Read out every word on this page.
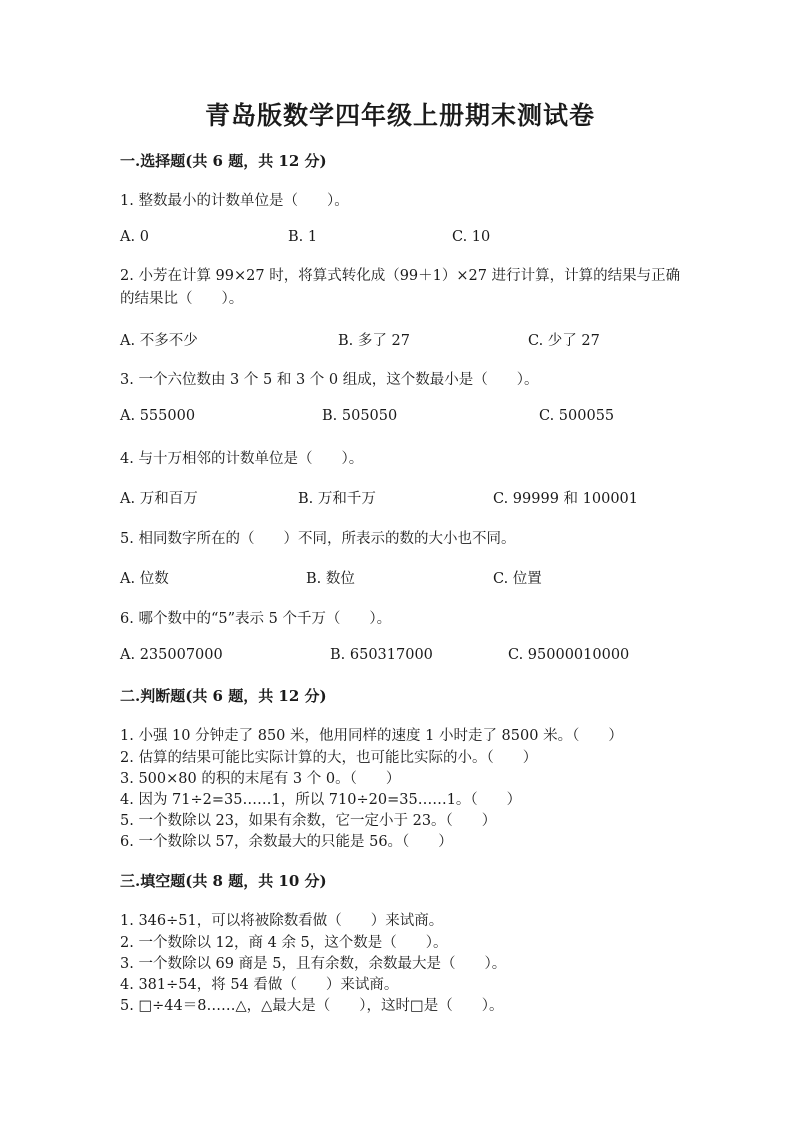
青岛版数学四年级上册期末测试卷
一.选择题(共 6 题，共 12 分)
1. 整数最小的计数单位是（　　）。
A. 0	B. 1	C. 10
2. 小芳在计算 99×27 时，将算式转化成（99＋1）×27 进行计算，计算的结果与正确的结果比（　　）。
A. 不多不少	B. 多了 27	C. 少了 27
3. 一个六位数由 3 个 5 和 3 个 0 组成，这个数最小是（　　）。
A. 555000	B. 505050	C. 500055
4. 与十万相邻的计数单位是（　　）。
A. 万和百万	B. 万和千万	C. 99999 和 100001
5. 相同数字所在的（　　）不同，所表示的数的大小也不同。
A. 位数	B. 数位	C. 位置
6. 哪个数中的“5”表示 5 个千万（　　）。
A. 235007000	B. 650317000	C. 95000010000
二.判断题(共 6 题，共 12 分)
1. 小强 10 分钟走了 850 米，他用同样的速度 1 小时走了 8500 米。（　　）
2. 估算的结果可能比实际计算的大，也可能比实际的小。（　　）
3. 500×80 的积的末尾有 3 个 0。（　　）
4. 因为 71÷2=35……1，所以 710÷20=35……1。（　　）
5. 一个数除以 23，如果有余数，它一定小于 23。（　　）
6. 一个数除以 57，余数最大的只能是 56。（　　）
三.填空题(共 8 题，共 10 分)
1. 346÷51，可以将被除数看做（　　）来试商。
2. 一个数除以 12，商 4 余 5，这个数是（　　）。
3. 一个数除以 69 商是 5，且有余数，余数最大是（　　）。
4. 381÷54，将 54 看做（　　）来试商。
5. □÷44＝8……△，△最大是（　　），这时□是（　　）。
